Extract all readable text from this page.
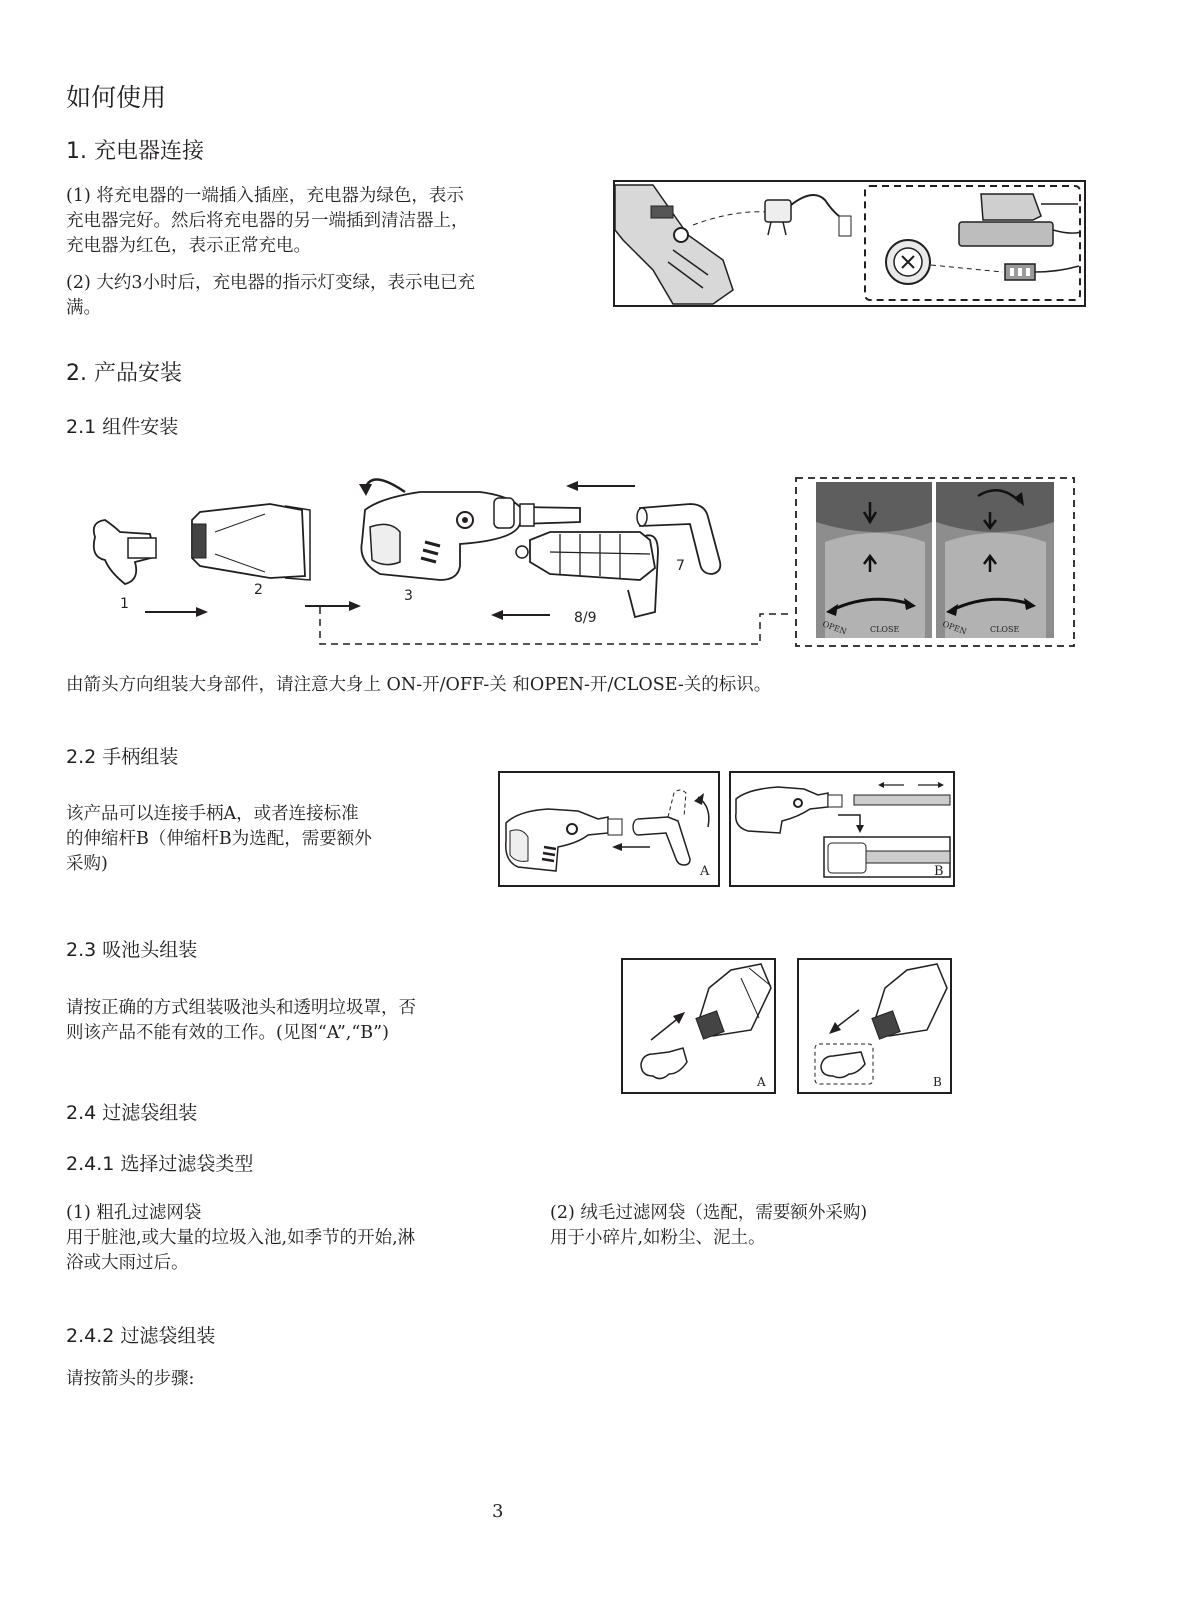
如何使用
1. 充电器连接
(1) 将充电器的一端插入插座，充电器为绿色，表示
充电器完好。然后将充电器的另一端插到清洁器上，
充电器为红色，表示正常充电。
(2) 大约3小时后，充电器的指示灯变绿，表示电已充
满。
2. 产品安装
2.1 组件安装
1
2	3
7
8/9
OPEN	CLOSE	OPEN	CLOSE
由箭头方向组装大身部件，请注意大身上 ON-开/OFF-关 和OPEN-开/CLOSE-关的标识。
2.2 手柄组装
该产品可以连接手柄A，或者连接标准
的伸缩杆B（伸缩杆B为选配，需要额外
采购)	A	B
2.3 吸池头组装
请按正确的方式组装吸池头和透明垃圾罩，否
则该产品不能有效的工作。(见图“A”,“B”)
A	B
2.4 过滤袋组装
2.4.1 选择过滤袋类型
(1) 粗孔过滤网袋
用于脏池,或大量的垃圾入池,如季节的开始,淋
浴或大雨过后。
(2) 绒毛过滤网袋（选配，需要额外采购)
用于小碎片,如粉尘、泥土。
2.4.2 过滤袋组装
请按箭头的步骤:
3
